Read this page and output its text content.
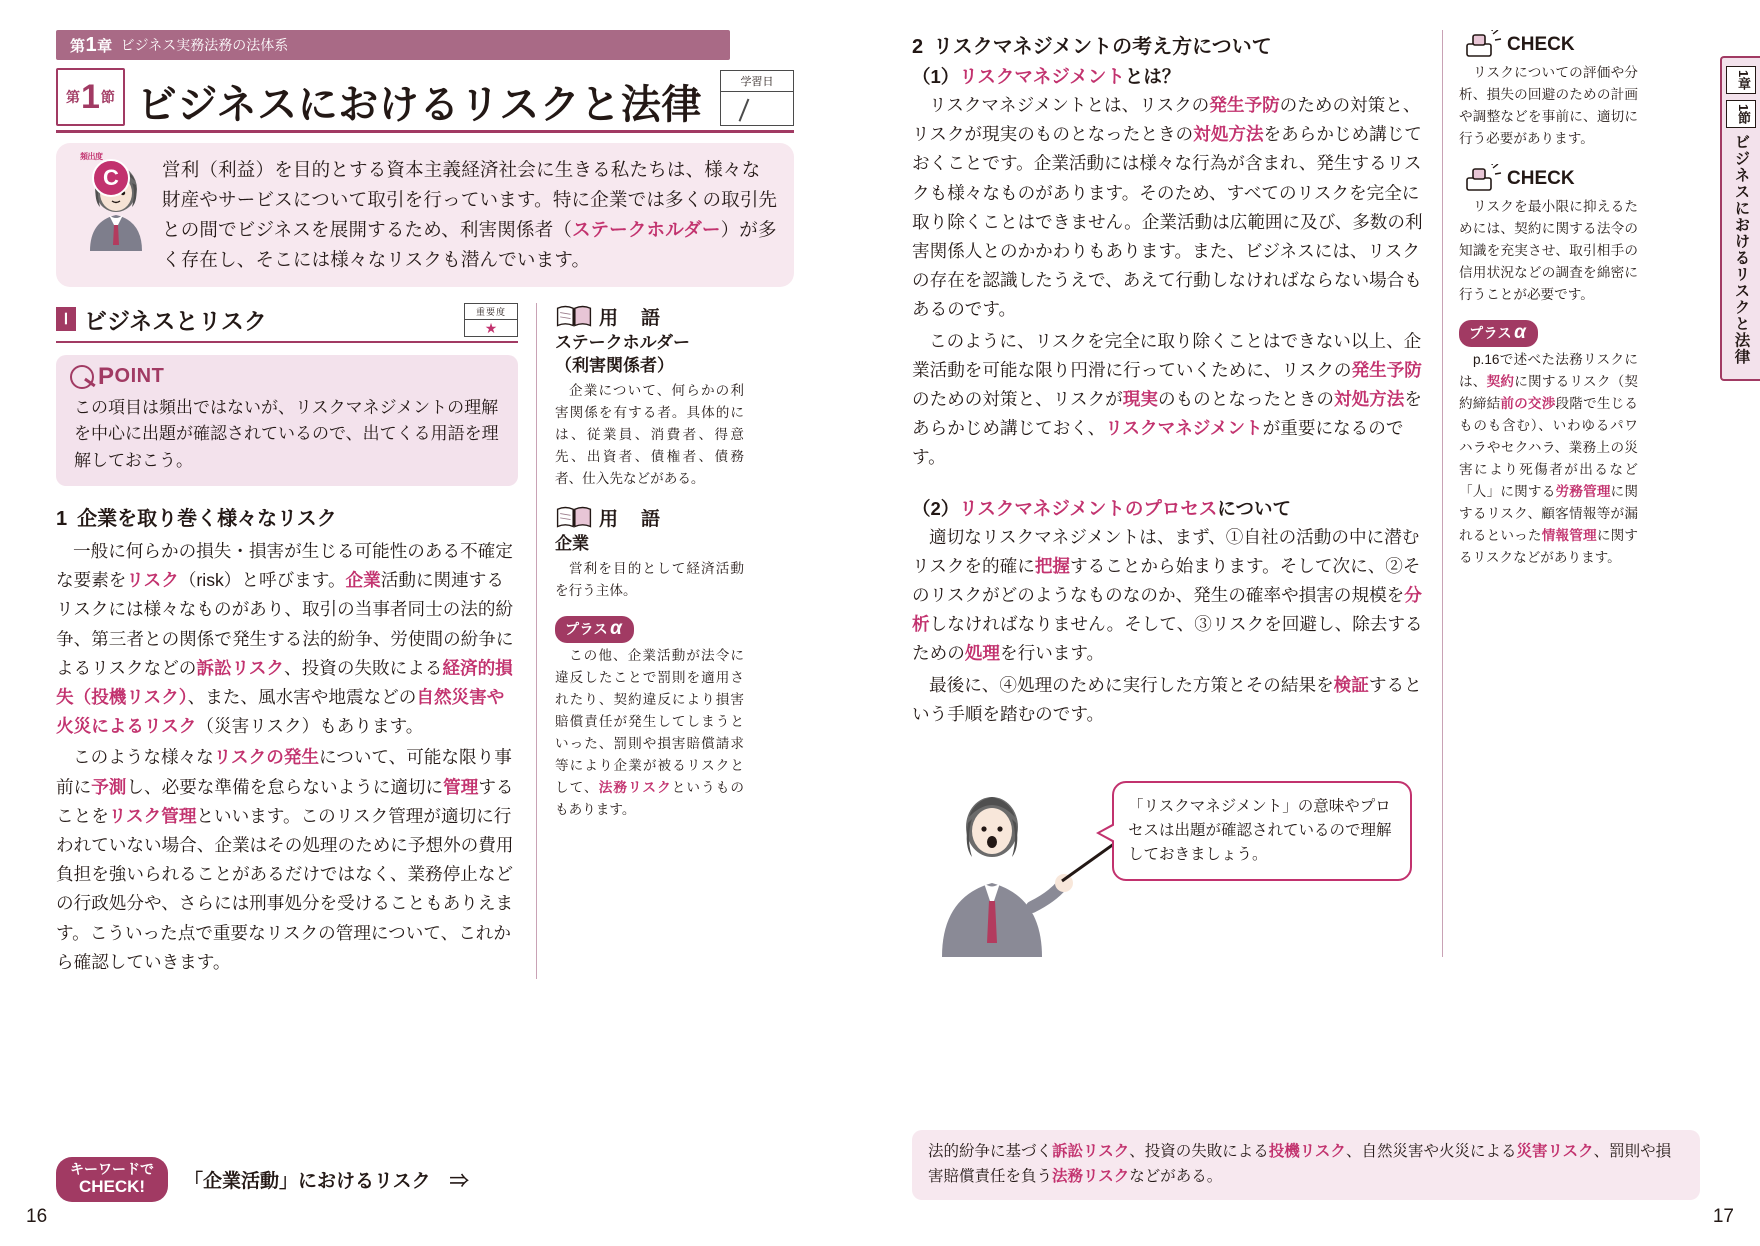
第1章 ビジネス実務法務の法体系
第 1 節 ビジネスにおけるリスクと法律
学習日
頻出度
C	営利（利益）を目的とする資本主義経済社会に生きる私たちは、様々な財産やサービスについて取引を行っています。特に企業では多くの取引先との間でビジネスを展開するため、利害関係者（ステークホルダー）が多く存在し、そこには様々なリスクも潜んでいます。
Ⅰ ビジネスとリスク	重要度
★
P OINT
この項目は頻出ではないが、リスクマネジメントの理解を中心に出題が確認されているので、出てくる用語を理解しておこう。
1 企業を取り巻く様々なリスク

一般に何らかの損失・損害が生じる可能性のある不確定な要素をリスク（risk）と呼びます。企業活動に関連するリスクには様々なものがあり、取引の当事者同士の法的紛争、第三者との関係で発生する法的紛争、労使間の紛争によるリスクなどの訴訟リスク、投資の失敗による経済的損失（投機リスク）、また、風水害や地震などの自然災害や火災によるリスク（災害リスク）もあります。

このような様々なリスクの発生について、可能な限り事前に予測し、必要な準備を怠らないように適切に管理することをリスク管理といいます。このリスク管理が適切に行われていない場合、企業はその処理のために予想外の費用負担を強いられることがあるだけではなく、業務停止などの行政処分や、さらには刑事処分を受けることもありえます。こういった点で重要なリスクの管理について、これから確認していきます。

用　語
ステークホルダー
（利害関係者）
企業について、何らかの利害関係を有する者。具体的には、従業員、消費者、得意先、出資者、債権者、債務者、仕入先などがある。
用　語
企業
営利を目的として経済活動を行う主体。
プラス α
この他、企業活動が法令に違反したことで罰則を適用されたり、契約違反により損害賠償責任が発生してしまうといった、罰則や損害賠償請求等により企業が被るリスクとして、法務リスクというものもあります。
キーワードで
CHECK!	「企業活動」におけるリスク　⇒
16
2 リスクマネジメントの考え方について
（1）リスクマネジメントとは？

リスクマネジメントとは、リスクの発生予防のための対策と、リスクが現実のものとなったときの対処方法をあらかじめ講じておくことです。企業活動には様々な行為が含まれ、発生するリスクも様々なものがあります。そのため、すべてのリスクを完全に取り除くことはできません。企業活動は広範囲に及び、多数の利害関係人とのかかわりもあります。また、ビジネスには、リスクの存在を認識したうえで、あえて行動しなければならない場合もあるのです。

このように、リスクを完全に取り除くことはできない以上、企業活動を可能な限り円滑に行っていくために、リスクの発生予防のための対策と、リスクが現実のものとなったときの対処方法をあらかじめ講じておく、リスクマネジメントが重要になるのです。

（2）リスクマネジメントのプロセスについて

適切なリスクマネジメントは、まず、①自社の活動の中に潜むリスクを的確に把握することから始まります。そして次に、②そのリスクがどのようなものなのか、発生の確率や損害の規模を分析しなければなりません。そして、③リスクを回避し、除去するための処理を行います。

最後に、④処理のために実行した方策とその結果を検証するという手順を踏むのです。

「リスクマネジメント」の意味やプロセスは出題が確認されているので理解しておきましょう。
CHECK
リスクについての評価や分析、損失の回避のための計画や調整などを事前に、適切に行う必要があります。
CHECK
リスクを最小限に抑えるためには、契約に関する法令の知識を充実させ、取引相手の信用状況などの調査を綿密に行うことが必要です。
プラス α
p.16で述べた法務リスクには、契約に関するリスク（契約締結前の交渉段階で生じるものも含む）、いわゆるパワハラやセクハラ、業務上の災害により死傷者が出るなど「人」に関する労務管理に関するリスク、顧客情報等が漏れるといった情報管理に関するリスクなどがあります。
1章
1節
ビジネスにおけるリスクと法律
法的紛争に基づく訴訟リスク、投資の失敗による投機リスク、自然災害や火災による災害リスク、罰則や損害賠償責任を負う法務リスクなどがある。
17
